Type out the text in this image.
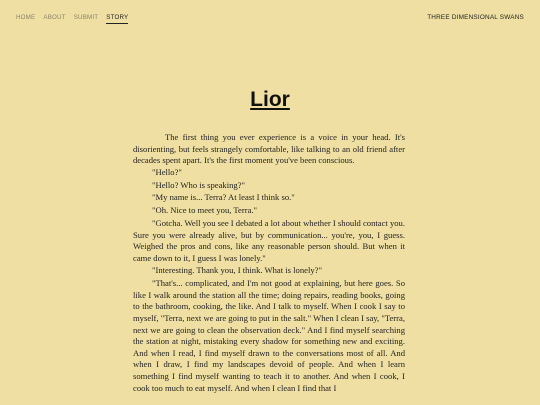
HOME ABOUT SUBMIT STORY	THREE DIMENSIONAL SWANS
Lior

The first thing you ever experience is a voice in your head. It's disorienting, but feels strangely comfortable, like talking to an old friend after decades spent apart. It's the first moment you've been conscious.

"Hello?"

"Hello? Who is speaking?"

"My name is... Terra? At least I think so."

"Oh. Nice to meet you, Terra."

"Gotcha. Well you see I debated a lot about whether I should contact you. Sure you were already alive, but by communication... you're, you, I guess. Weighed the pros and cons, like any reasonable person should. But when it came down to it, I guess I was lonely."

"Interesting. Thank you, I think. What is lonely?"

"That's... complicated, and I'm not good at explaining, but here goes. So like I walk around the station all the time; doing repairs, reading books, going to the bathroom, cooking, the like. And I talk to myself. When I cook I say to myself, "Terra, next we are going to put in the salt." When I clean I say, "Terra, next we are going to clean the observation deck." And I find myself searching the station at night, mistaking every shadow for something new and exciting. And when I read, I find myself drawn to the conversations most of all. And when I draw, I find my landscapes devoid of people. And when I learn something I find myself wanting to teach it to another. And when I cook, I cook too much to eat myself. And when I clean I find that I
